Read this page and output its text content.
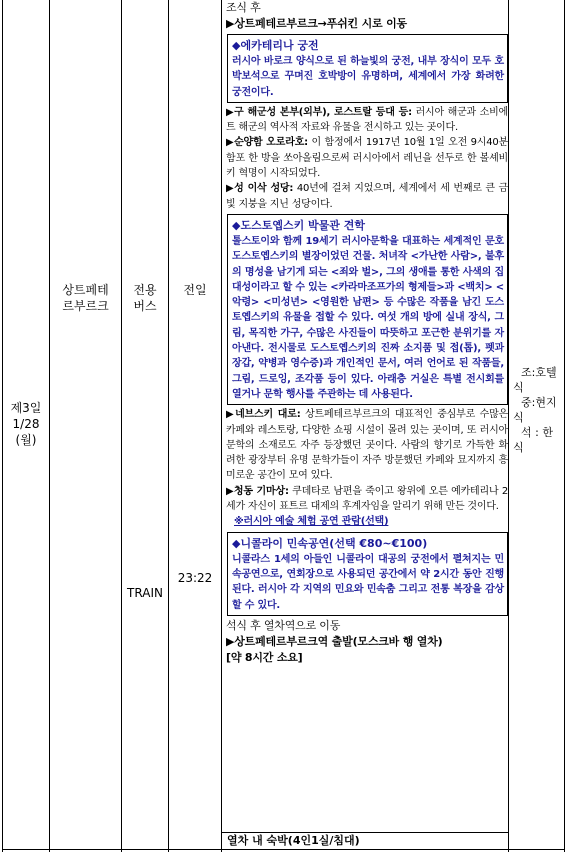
제3일
1/28
(월)
상트페테
르부르크
전용
버스
TRAIN
전일
23:22
조:호텔
식
중:현지
식
석 : 한
식

조식 후

▶상트페테르부르크→푸쉬킨 시로 이동

◆에카테리나 궁전

러시아 바로크 양식으로 된 하늘빛의 궁전, 내부 장식이 모두 호박보석으로 꾸며진 호박방이 유명하며, 세계에서 가장 화려한 궁전이다.

▶구 해군성 본부(외부), 로스트랄 등대 등: 러시아 해군과 소비에트 해군의 역사적 자료와 유물을 전시하고 있는 곳이다.

▶순양함 오로라호: 이 함정에서 1917년 10월 1일 오전 9시40분 함포 한 방을 쏘아올림으로써 러시아에서 레닌을 선두로 한 볼셰비키 혁명이 시작되었다.

▶성 이삭 성당: 40년에 걸쳐 지었으며, 세계에서 세 번째로 큰 금빛 지붕을 지닌 성당이다.

◆도스토옙스키 박물관 견학

톨스토이와 함께 19세기 러시아문학을 대표하는 세계적인 문호 도스토옙스키의 별장이었던 건물. 처녀작 <가난한 사람>, 불후의 명성을 남기게 되는 <죄와 벌>, 그의 생애를 통한 사색의 집대성이라고 할 수 있는 <카라마조프가의 형제들>과 <백치> <악령> <미성년> <영원한 남편> 등 수많은 작품을 남긴 도스토옙스키의 유물을 접할 수 있다. 여섯 개의 방에 실내 장식, 그림, 목직한 가구, 수많은 사진들이 따뜻하고 포근한 분위기를 자아낸다. 전시물로 도스토옙스키의 진짜 소지품 및 접(톱), 펫과 장갑, 약병과 영수증)과 개인적인 문서, 여러 언어로 된 작품들, 그림, 드로잉, 조각품 등이 있다. 아래층 거실은 특별 전시회를 열거나 문학 행사를 주관하는 데 사용된다.

▶네브스키 대로: 상트페테르부르크의 대표적인 중심부로 수많은 카페와 레스토랑, 다양한 쇼핑 시설이 몰려 있는 곳이며, 또 러시아 문학의 소재로도 자주 등장했던 곳이다. 사람의 향기로 가득한 화려한 광장부터 유명 문학가들이 자주 방문했던 카페와 묘지까지 흥미로운 공간이 모여 있다.

▶청동 기마상: 쿠데타로 남편을 죽이고 왕위에 오른 예카테리나 2세가 자신이 표트르 대제의 후계자임을 알리기 위해 만든 것이다.

※러시아 예술 체험 공연 관람(선택)

◆니콜라이 민속공연(선택 €80~€100)

니콜라스 1세의 아들인 니콜라이 대공의 궁전에서 펼쳐지는 민속공연으로, 연회장으로 사용되던 공간에서 약 2시간 동안 진행된다. 러시아 각 지역의 민요와 민속춤 그리고 전통 복장을 감상할 수 있다.

석식 후 열차역으로 이동

▶상트페테르부르크역 출발(모스크바 행 열차)

[약 8시간 소요]

열차 내 숙박(4인1실/침대)
